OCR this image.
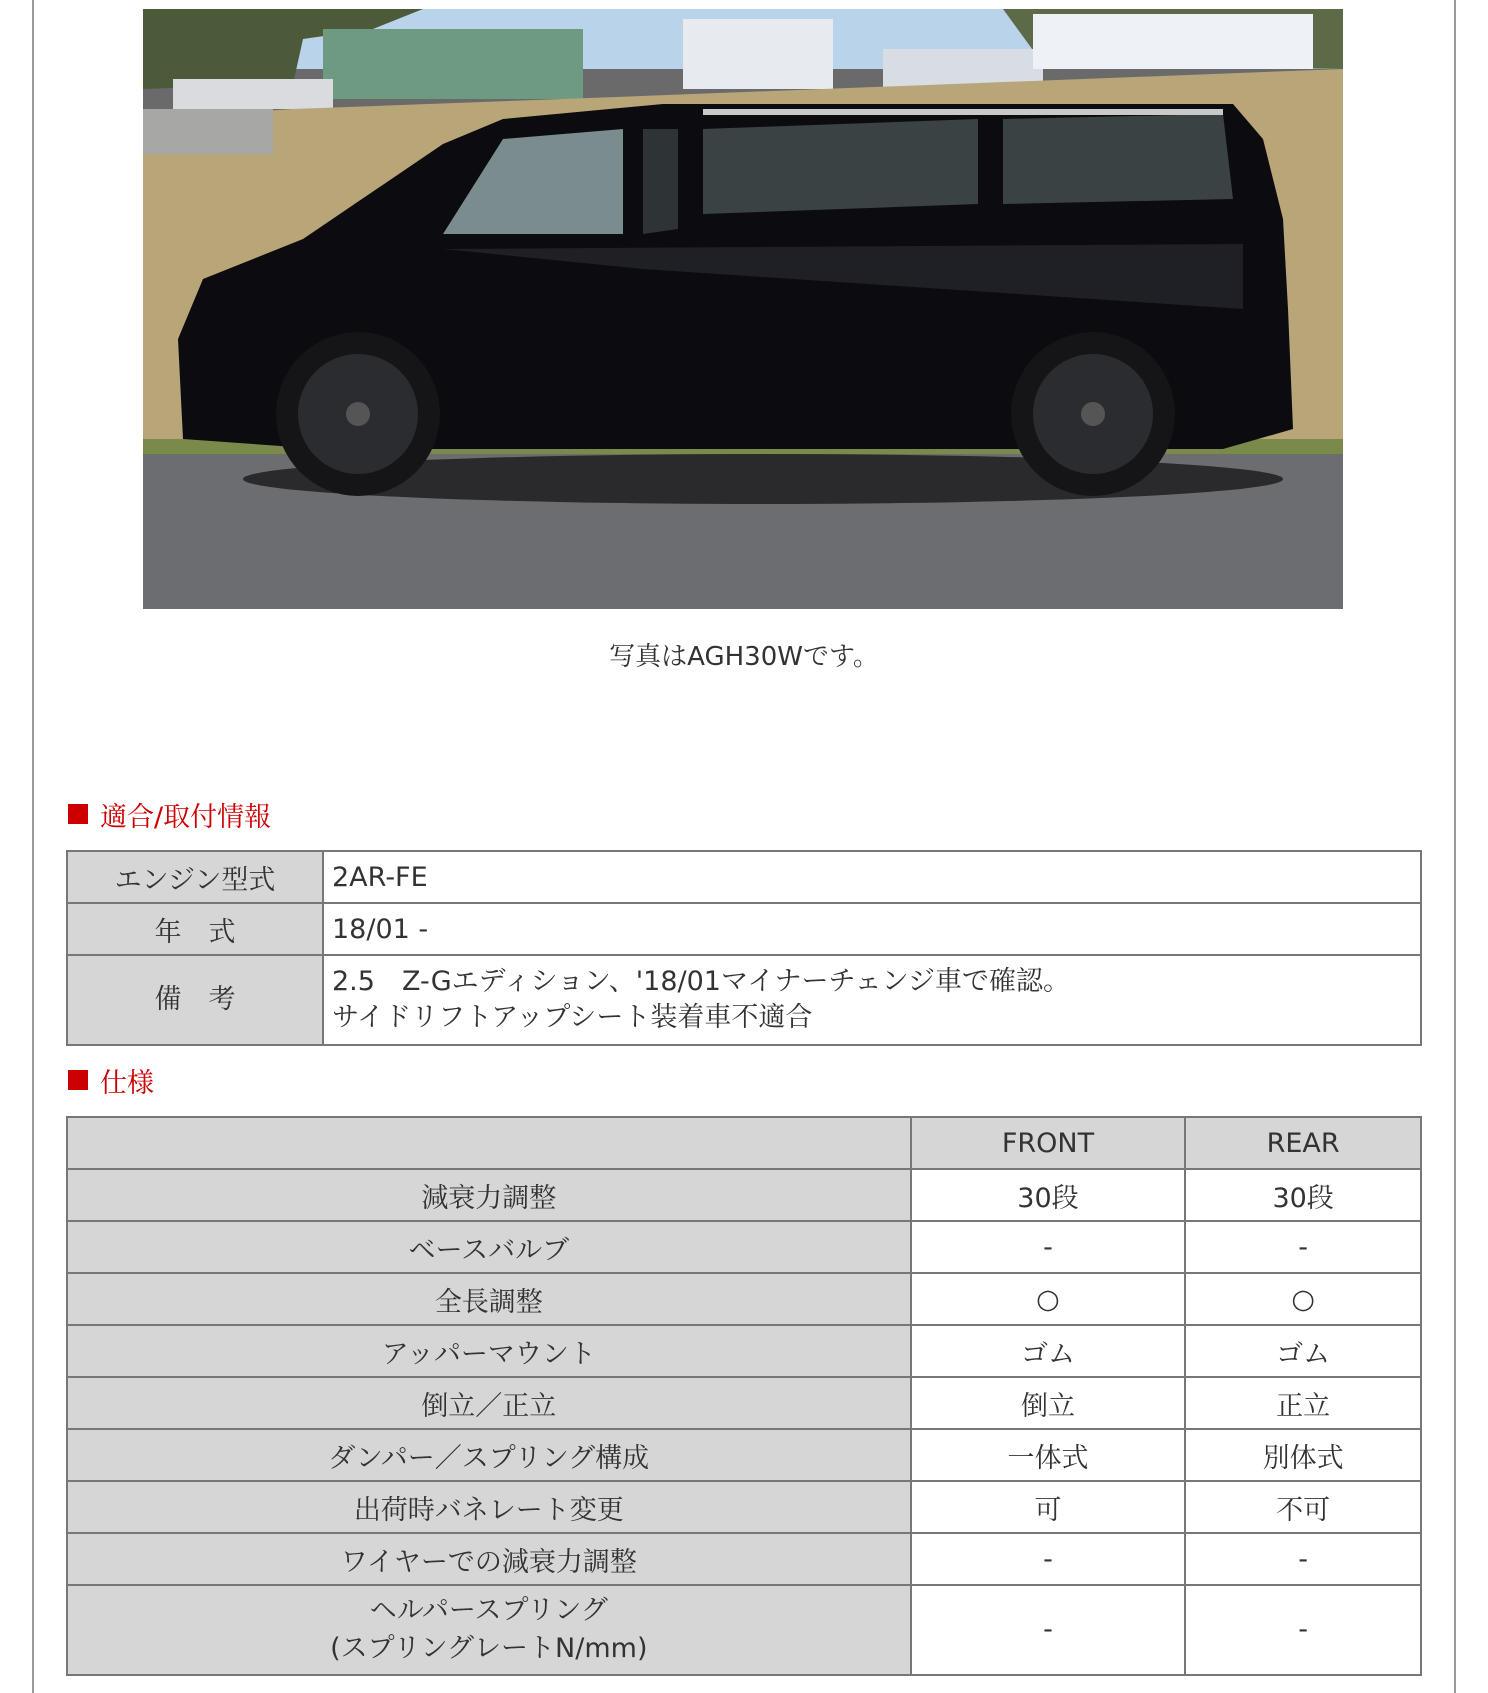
写真はAGH30Wです。
適合/取付情報
エンジン型式	2AR-FE
年　式	18/01 -
備　考	2.5　Z-Gエディション、'18/01マイナーチェンジ車で確認。
サイドリフトアップシート装着車不適合
仕様
	FRONT	REAR
減衰力調整	30段	30段
ベースバルブ	-	-
全長調整	○	○
アッパーマウント	ゴム	ゴム
倒立／正立	倒立	正立
ダンパー／スプリング構成	一体式	別体式
出荷時バネレート変更	可	不可
ワイヤーでの減衰力調整	-	-

ヘルパースプリング
(スプリングレートN/mm)	-	-
